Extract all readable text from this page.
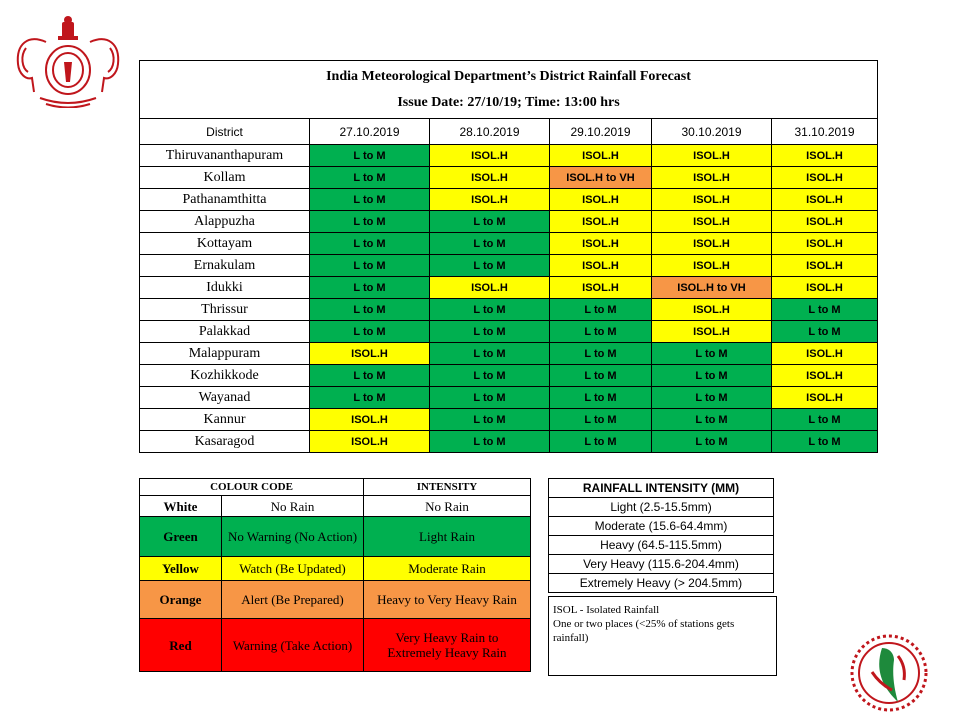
India Meteorological Department’s District Rainfall Forecast
Issue Date: 27/10/19; Time: 13:00 hrs					

District	27.10.2019	28.10.2019	29.10.2019	30.10.2019	31.10.2019
Thiruvananthapuram	L to M	ISOL.H	ISOL.H	ISOL.H	ISOL.H
Kollam	L to M	ISOL.H	ISOL.H to VH	ISOL.H	ISOL.H
Pathanamthitta	L to M	ISOL.H	ISOL.H	ISOL.H	ISOL.H
Alappuzha	L to M	L to M	ISOL.H	ISOL.H	ISOL.H
Kottayam	L to M	L to M	ISOL.H	ISOL.H	ISOL.H
Ernakulam	L to M	L to M	ISOL.H	ISOL.H	ISOL.H
Idukki	L to M	ISOL.H	ISOL.H	ISOL.H to VH	ISOL.H
Thrissur	L to M	L to M	L to M	ISOL.H	L to M
Palakkad	L to M	L to M	L to M	ISOL.H	L to M
Malappuram	ISOL.H	L to M	L to M	L to M	ISOL.H
Kozhikkode	L to M	L to M	L to M	L to M	ISOL.H
Wayanad	L to M	L to M	L to M	L to M	ISOL.H
Kannur	ISOL.H	L to M	L to M	L to M	L to M
Kasaragod	ISOL.H	L to M	L to M	L to M	L to M
COLOUR CODE		INTENSITY
White	No Rain	No Rain
Green	No Warning (No Action)	Light Rain
Yellow	Watch (Be Updated)	Moderate Rain
Orange	Alert (Be Prepared)	Heavy to Very Heavy Rain
Red	Warning (Take Action)	Very Heavy Rain to Extremely Heavy Rain
RAINFALL INTENSITY (MM)
Light (2.5-15.5mm)
Moderate (15.6-64.4mm)
Heavy (64.5-115.5mm)
Very Heavy (115.6-204.4mm)
Extremely Heavy (> 204.5mm)
ISOL - Isolated Rainfall
One or two places (<25% of stations gets rainfall)
